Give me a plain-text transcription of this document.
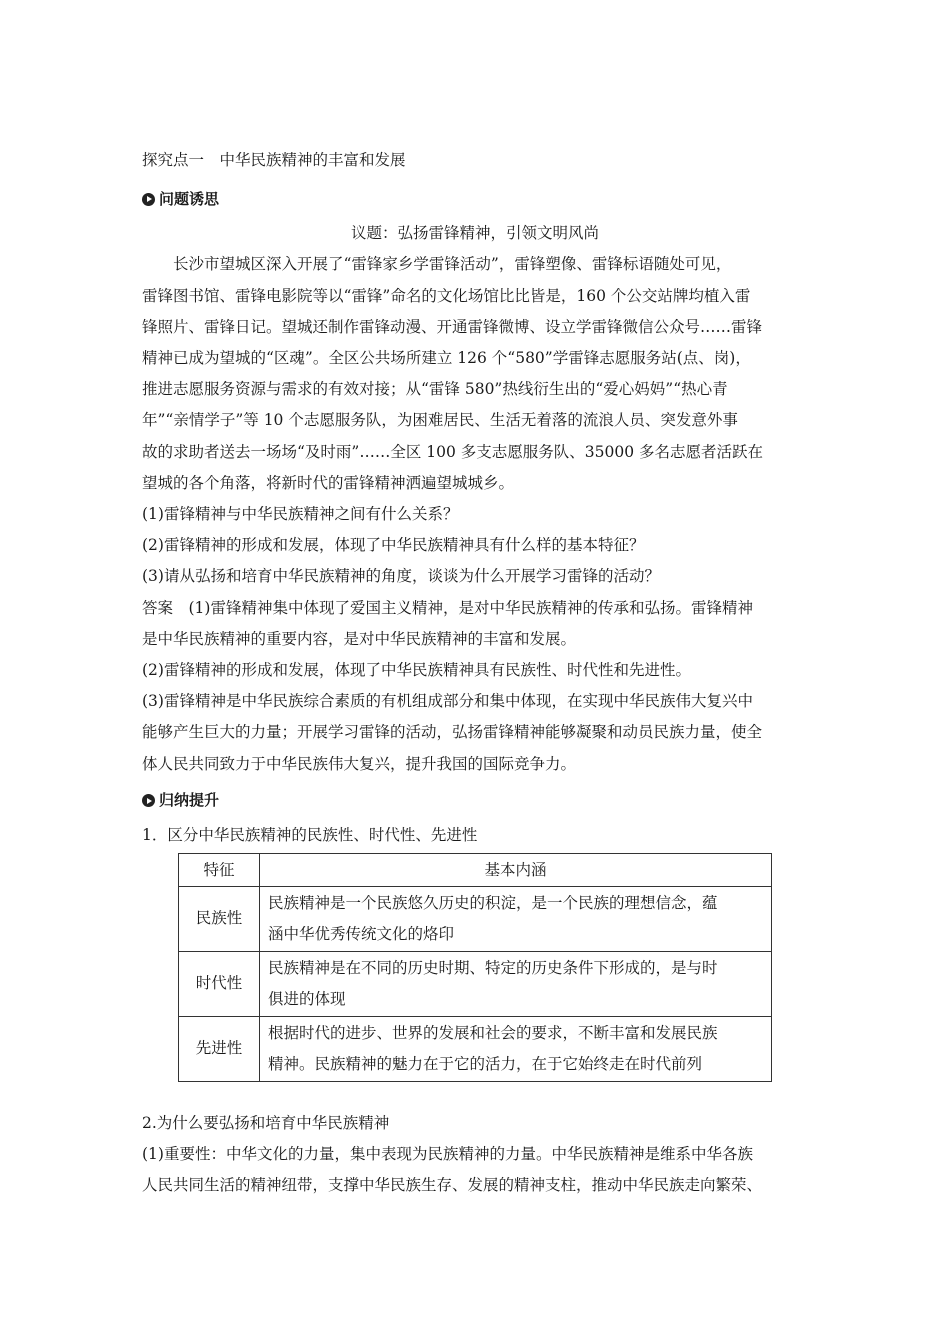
探究点一　中华民族精神的丰富和发展
问题诱思
议题：弘扬雷锋精神，引领文明风尚
长沙市望城区深入开展了“雷锋家乡学雷锋活动”，雷锋塑像、雷锋标语随处可见，
雷锋图书馆、雷锋电影院等以“雷锋”命名的文化场馆比比皆是，160 个公交站牌均植入雷
锋照片、雷锋日记。望城还制作雷锋动漫、开通雷锋微博、设立学雷锋微信公众号……雷锋
精神已成为望城的“区魂”。全区公共场所建立 126 个“580”学雷锋志愿服务站(点、岗)，
推进志愿服务资源与需求的有效对接；从“雷锋 580”热线衍生出的“爱心妈妈”“热心青
年”“亲情学子”等 10 个志愿服务队，为困难居民、生活无着落的流浪人员、突发意外事
故的求助者送去一场场“及时雨”……全区 100 多支志愿服务队、35000 多名志愿者活跃在
望城的各个角落，将新时代的雷锋精神洒遍望城城乡。
(1)雷锋精神与中华民族精神之间有什么关系？
(2)雷锋精神的形成和发展，体现了中华民族精神具有什么样的基本特征？
(3)请从弘扬和培育中华民族精神的角度，谈谈为什么开展学习雷锋的活动？
答案　(1)雷锋精神集中体现了爱国主义精神，是对中华民族精神的传承和弘扬。雷锋精神
是中华民族精神的重要内容，是对中华民族精神的丰富和发展。
(2)雷锋精神的形成和发展，体现了中华民族精神具有民族性、时代性和先进性。
(3)雷锋精神是中华民族综合素质的有机组成部分和集中体现，在实现中华民族伟大复兴中
能够产生巨大的力量；开展学习雷锋的活动，弘扬雷锋精神能够凝聚和动员民族力量，使全
体人民共同致力于中华民族伟大复兴，提升我国的国际竞争力。
归纳提升
1．区分中华民族精神的民族性、时代性、先进性
特征	基本内涵
民族性	民族精神是一个民族悠久历史的积淀，是一个民族的理想信念，蕴
涵中华优秀传统文化的烙印

时代性	民族精神是在不同的历史时期、特定的历史条件下形成的，是与时
俱进的体现

先进性	根据时代的进步、世界的发展和社会的要求，不断丰富和发展民族
精神。民族精神的魅力在于它的活力，在于它始终走在时代前列
2.为什么要弘扬和培育中华民族精神
(1)重要性：中华文化的力量，集中表现为民族精神的力量。中华民族精神是维系中华各族
人民共同生活的精神纽带，支撑中华民族生存、发展的精神支柱，推动中华民族走向繁荣、
